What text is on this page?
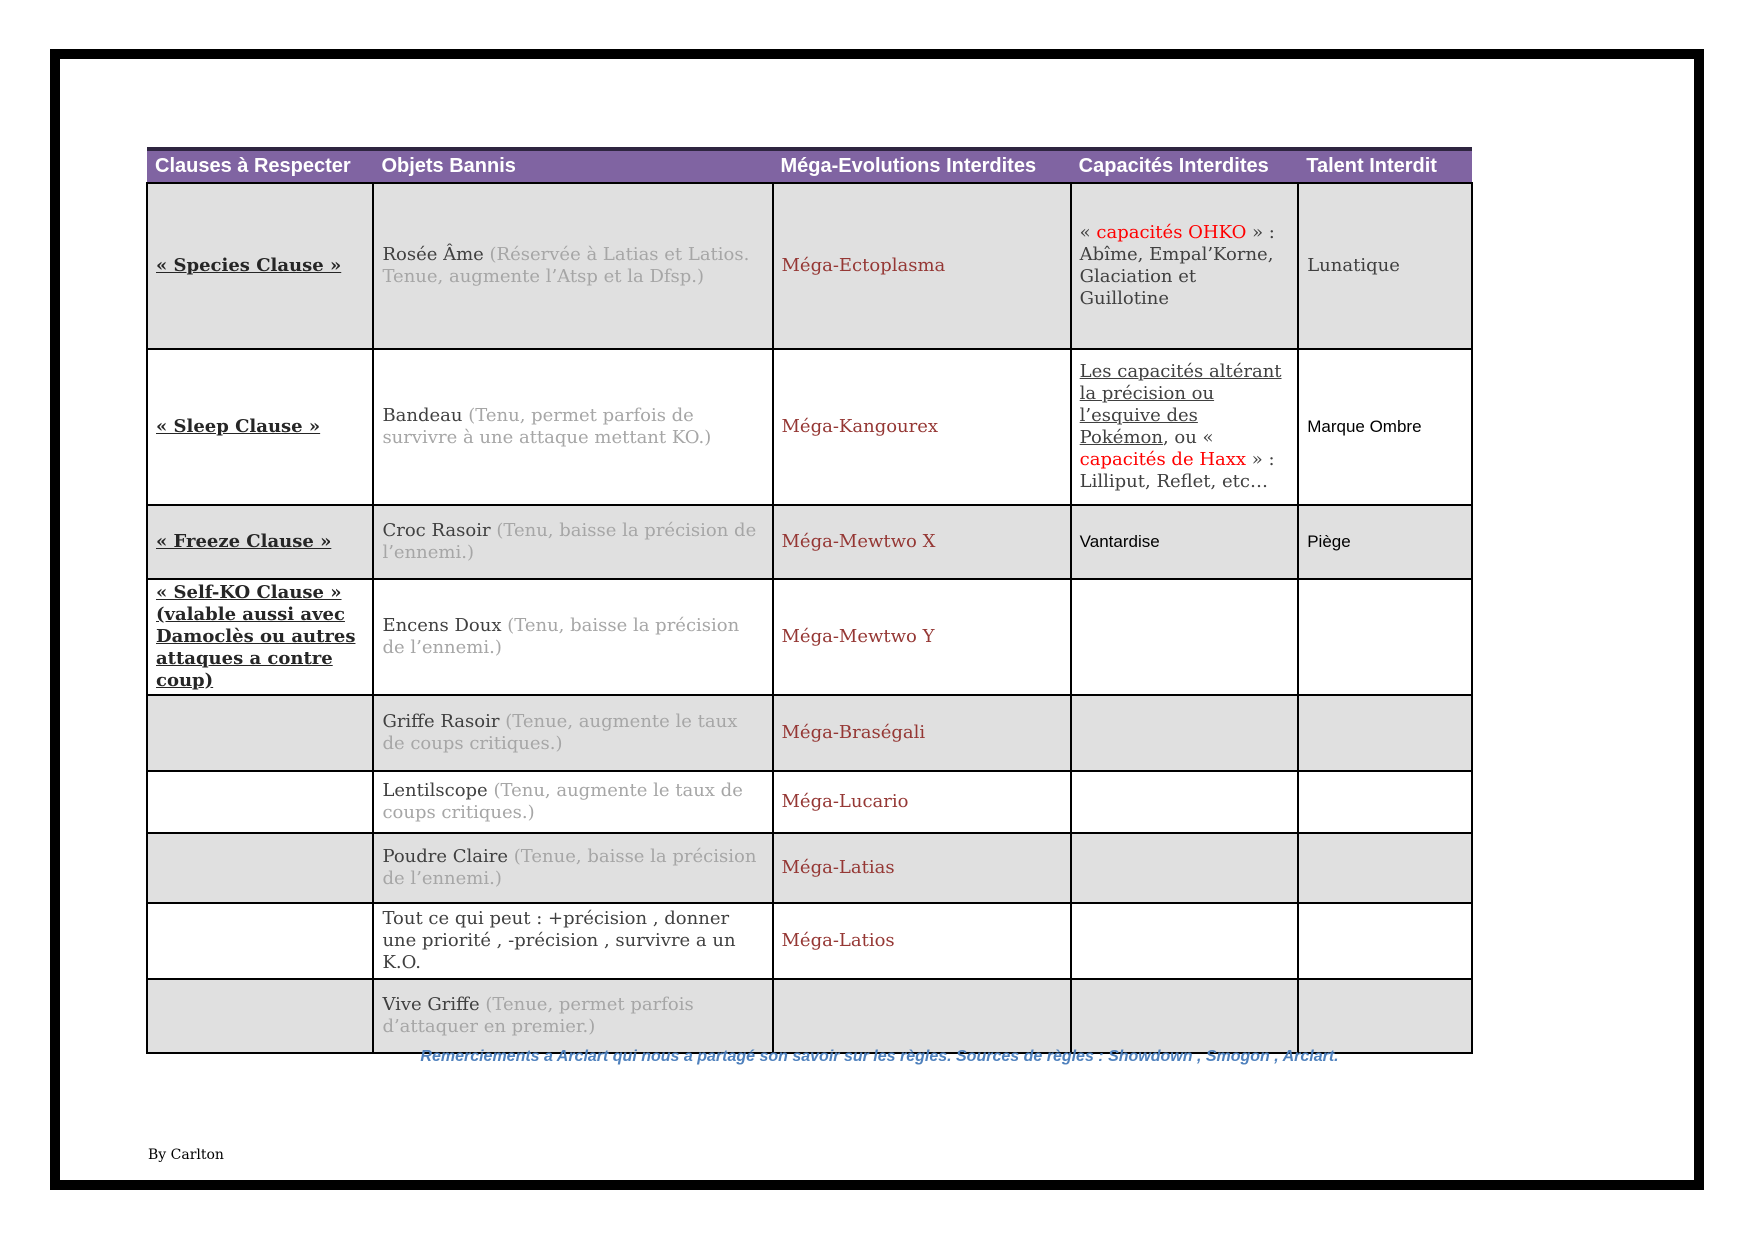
Clauses à Respecter	Objets Bannis	Méga-Evolutions Interdites	Capacités Interdites	Talent Interdit
« Species Clause »	Rosée Âme (Réservée à Latias et Latios. Tenue, augmente l’Atsp et la Dfsp.)	Méga-Ectoplasma	« capacités OHKO » : Abîme, Empal’Korne, Glaciation et Guillotine	Lunatique
« Sleep Clause »	Bandeau (Tenu, permet parfois de survivre à une attaque mettant KO.)	Méga-Kangourex	Les capacités altérant la précision ou l’esquive des Pokémon, ou « capacités de Haxx » : Lilliput, Reflet, etc…	Marque Ombre
« Freeze Clause »	Croc Rasoir (Tenu, baisse la précision de l’ennemi.)	Méga-Mewtwo X	Vantardise	Piège
« Self-KO Clause » (valable aussi avec Damoclès ou autres attaques a contre coup)	Encens Doux (Tenu, baisse la précision de l’ennemi.)	Méga-Mewtwo Y		
	Griffe Rasoir (Tenue, augmente le taux de coups critiques.)	Méga-Braségali		
	Lentilscope (Tenu, augmente le taux de coups critiques.)	Méga-Lucario		
	Poudre Claire (Tenue, baisse la précision de l’ennemi.)	Méga-Latias		
	Tout ce qui peut : +précision , donner une priorité , -précision , survivre a un K.O.	Méga-Latios		
	Vive Griffe (Tenue, permet parfois d’attaquer en premier.)			
Remerciements a Arclart qui nous a partagé son savoir sur les règles. Sources de règles : Showdown , Smogon , Arclart.
By Carlton
